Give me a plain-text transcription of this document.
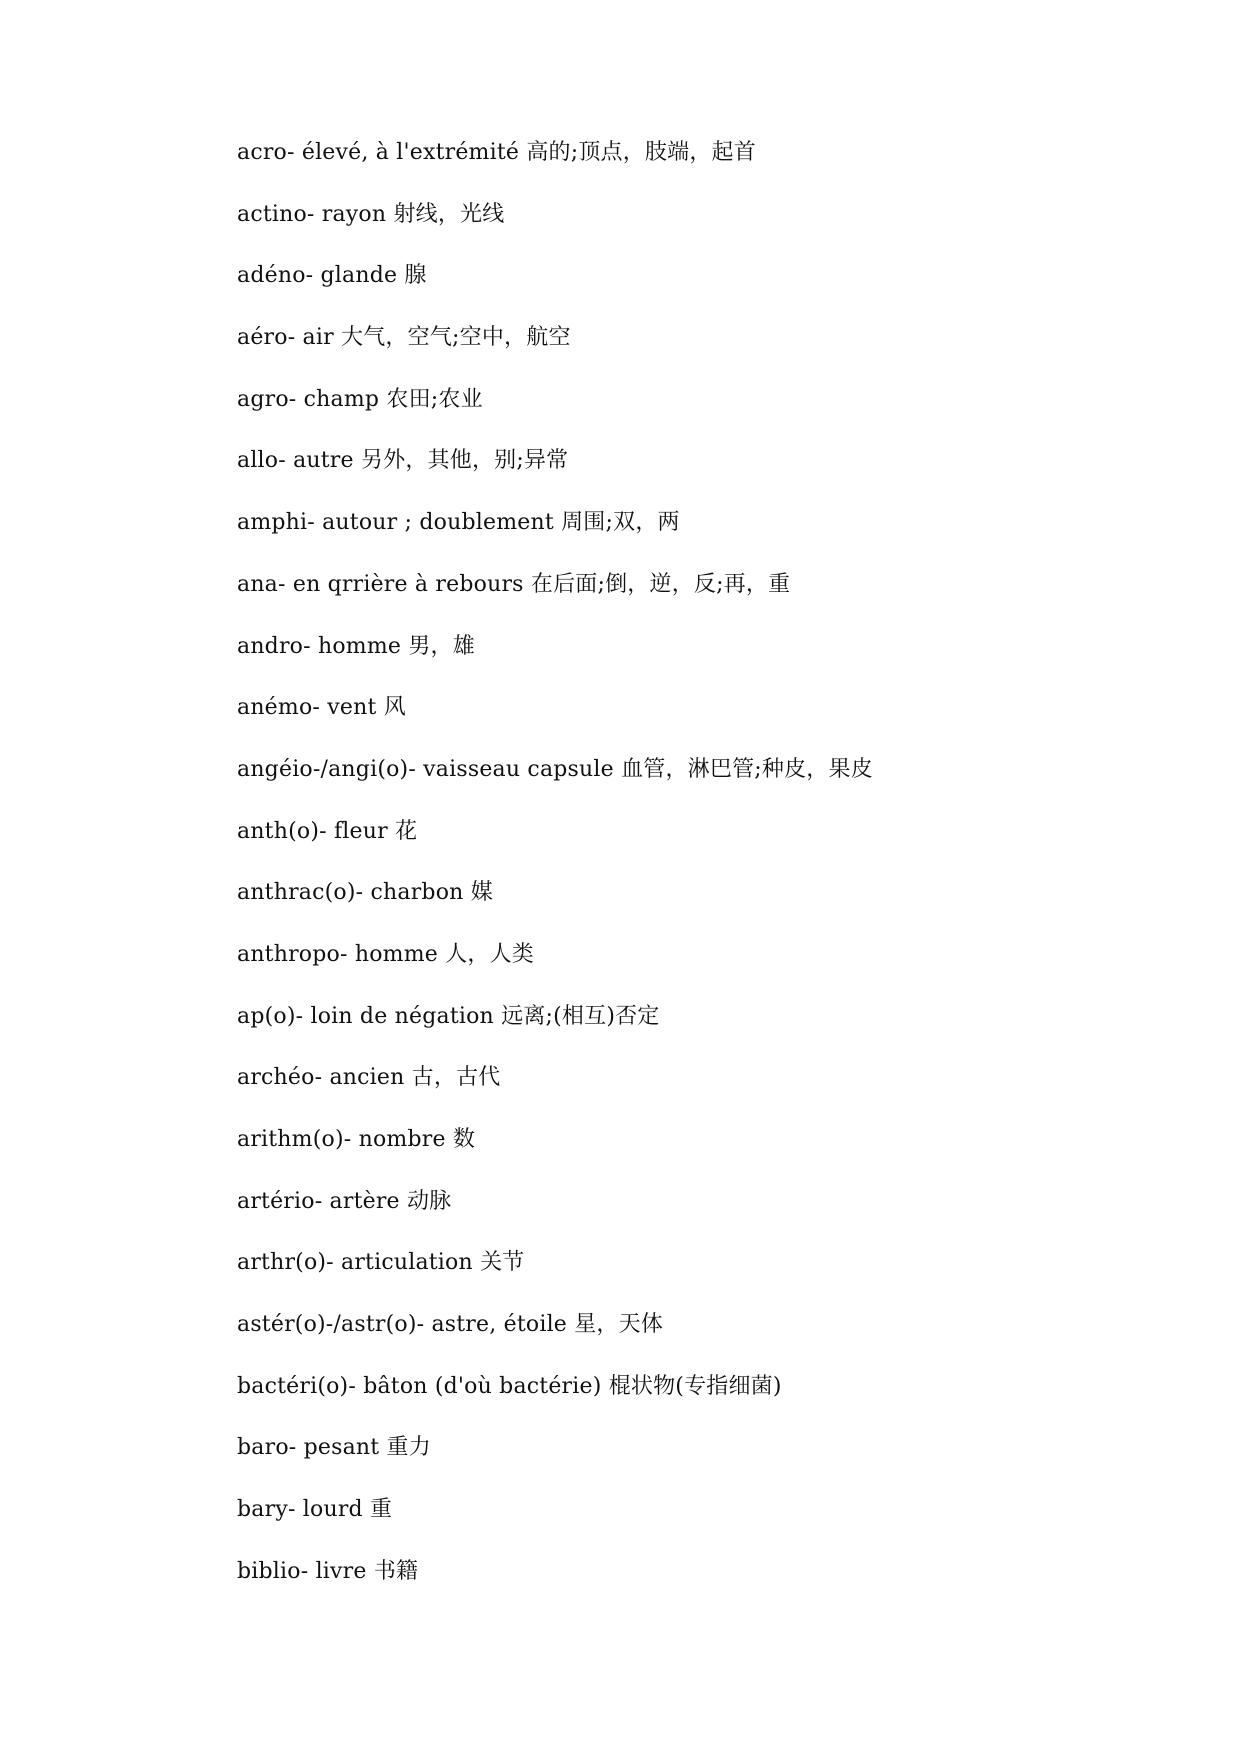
acro- élevé, à l'extrémité 高的;顶点，肢端，起首
actino- rayon 射线，光线
adéno- glande 腺
aéro- air 大气，空气;空中，航空
agro- champ 农田;农业
allo- autre 另外，其他，别;异常
amphi- autour ; doublement 周围;双，两
ana- en qrrière à rebours 在后面;倒，逆，反;再，重
andro- homme 男，雄
anémo- vent 风
angéio-/angi(o)- vaisseau capsule 血管，淋巴管;种皮，果皮
anth(o)- fleur 花
anthrac(o)- charbon 媒
anthropo- homme 人，人类
ap(o)- loin de négation 远离;(相互)否定
archéo- ancien 古，古代
arithm(o)- nombre 数
artério- artère 动脉
arthr(o)- articulation 关节
astér(o)-/astr(o)- astre, étoile 星，天体
bactéri(o)- bâton (d'où bactérie) 棍状物(专指细菌)
baro- pesant 重力
bary- lourd 重
biblio- livre 书籍
